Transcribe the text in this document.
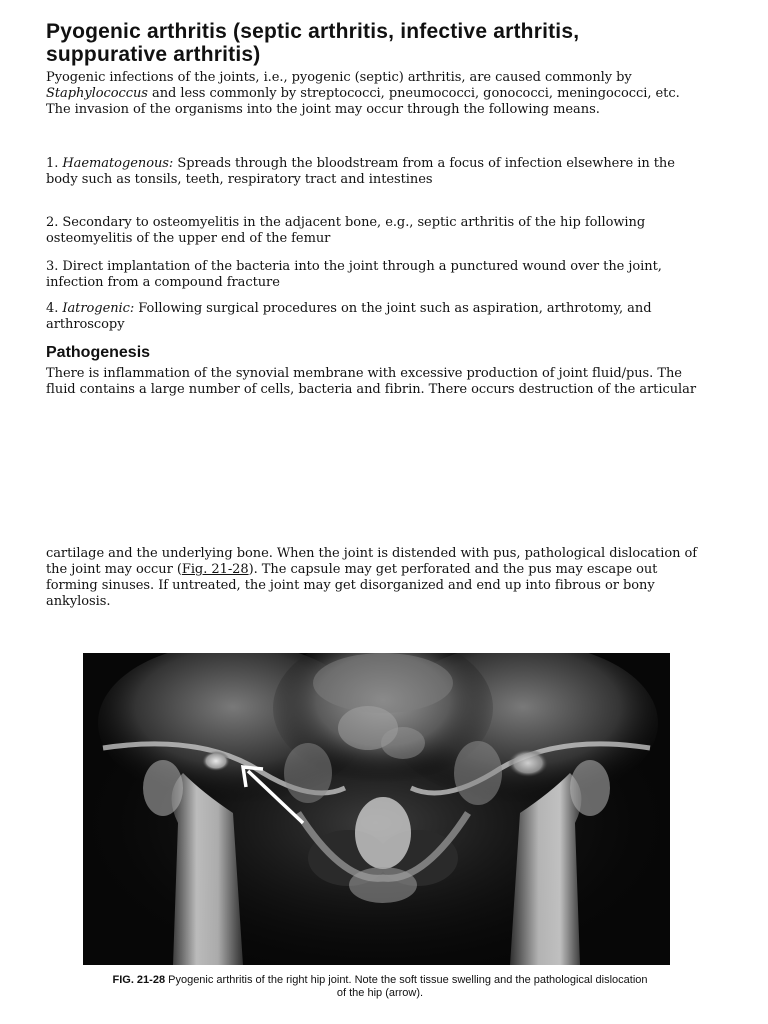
Pyogenic arthritis (septic arthritis, infective arthritis, suppurative arthritis)

Pyogenic infections of the joints, i.e., pyogenic (septic) arthritis, are caused commonly by Staphylococcus and less commonly by streptococci, pneumococci, gonococci, meningococci, etc. The invasion of the organisms into the joint may occur through the following means.

1. Haematogenous: Spreads through the bloodstream from a focus of infection elsewhere in the body such as tonsils, teeth, respiratory tract and intestines

2. Secondary to osteomyelitis in the adjacent bone, e.g., septic arthritis of the hip following osteomyelitis of the upper end of the femur

3. Direct implantation of the bacteria into the joint through a punctured wound over the joint, infection from a compound fracture

4. Iatrogenic: Following surgical procedures on the joint such as aspiration, arthrotomy, and arthroscopy

Pathogenesis

There is inflammation of the synovial membrane with excessive production of joint fluid/pus. The fluid contains a large number of cells, bacteria and fibrin. There occurs destruction of the articular

cartilage and the underlying bone. When the joint is distended with pus, pathological dislocation of the joint may occur (Fig. 21-28). The capsule may get perforated and the pus may escape out forming sinuses. If untreated, the joint may get disorganized and end up into fibrous or bony ankylosis.

FIG. 21-28 Pyogenic arthritis of the right hip joint. Note the soft tissue swelling and the pathological dislocation of the hip (arrow).
